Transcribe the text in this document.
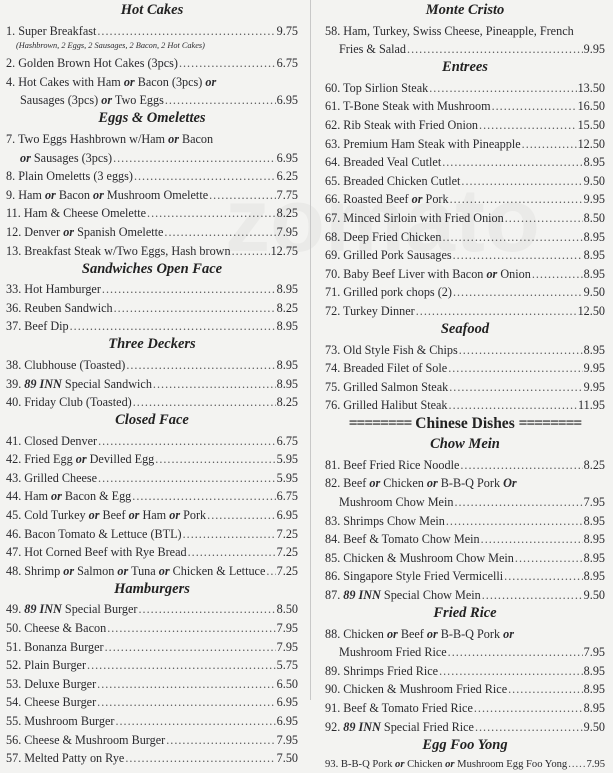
Hot Cakes
1. Super Breakfast .....	9.75
(Hashbrown, 2 Eggs, 2 Sausages, 2 Bacon, 2 Hot Cakes)
2. Golden Brown Hot Cakes (3pcs) .....	6.75
4. Hot Cakes with Ham or Bacon (3pcs) or
Sausages (3pcs) or Two Eggs .....	6.95
Eggs & Omelettes
7. Two Eggs Hashbrown w/Ham or Bacon
or Sausages (3pcs) .....	6.95
8. Plain Omeletts (3 eggs) .....	6.25
9. Ham or Bacon or Mushroom Omelette .....	7.75
11. Ham & Cheese Omelette .....	8.25
12. Denver or Spanish Omelette .....	7.95
13. Breakfast Steak w/Two Eggs, Hash brown .....	12.75
Sandwiches Open Face
33. Hot Hamburger .....	8.95
36. Reuben Sandwich .....	8.25
37. Beef Dip .....	8.95
Three Deckers
38. Clubhouse (Toasted) .....	8.95
39. 89 INN Special Sandwich .....	8.95
40. Friday Club (Toasted) .....	8.25
Closed Face
41. Closed Denver .....	6.75
42. Fried Egg or Devilled Egg .....	5.95
43. Grilled Cheese .....	5.95
44. Ham or Bacon & Egg .....	6.75
45. Cold Turkey or Beef or Ham or Pork .....	6.95
46. Bacon Tomato & Lettuce (BTL) .....	7.25
47. Hot Corned Beef with Rye Bread .....	7.25
48. Shrimp or Salmon or Tuna or Chicken & Lettuce ..... 7.25
Hamburgers
49. 89 INN Special Burger .....	8.50
50. Cheese & Bacon .....	7.95
51. Bonanza Burger .....	7.95
52. Plain Burger .....	5.75
53. Deluxe Burger .....	6.50
54. Cheese Burger .....	6.95
55. Mushroom Burger .....	6.95
56. Cheese & Mushroom Burger .....	7.95
57. Melted Patty on Rye .....	7.50
Monte Cristo
58. Ham, Turkey, Swiss Cheese, Pineapple, French
Fries & Salad .....	9.95
Entrees
60. Top Sirlion Steak .....	13.50
61. T-Bone Steak with Mushroom .....	16.50
62. Rib Steak with Fried Onion .....	15.50
63. Premium Ham Steak with Pineapple .....	12.50
64. Breaded Veal Cutlet .....	8.95
65. Breaded Chicken Cutlet .....	9.50
66. Roasted Beef or Pork .....	9.95
67. Minced Sirloin with Fried Onion .....	8.50
68. Deep Fried Chicken .....	8.95
69. Grilled Pork Sausages .....	8.95
70. Baby Beef Liver with Bacon or Onion .....	8.95
71. Grilled pork chops (2) .....	9.50
72. Turkey Dinner .....	12.50
Seafood
73. Old Style Fish & Chips .....	8.95
74. Breaded Filet of Sole .....	9.95
75. Grilled Salmon Steak .....	9.95
76. Grilled Halibut Steak .....	11.95
======== Chinese Dishes ========
Chow Mein
81. Beef Fried Rice Noodle .....	8.25
82. Beef or Chicken or B-B-Q Pork Or
Mushroom Chow Mein .....	7.95
83. Shrimps Chow Mein .....	8.95
84. Beef & Tomato Chow Mein .....	8.95
85. Chicken & Mushroom Chow Mein .....	8.95
86. Singapore Style Fried Vermicelli .....	8.95
87. 89 INN Special Chow Mein .....	9.50
Fried Rice
88. Chicken or Beef or B-B-Q Pork or
Mushroom Fried Rice .....	7.95
89. Shrimps Fried Rice .....	8.95
90. Chicken & Mushroom Fried Rice .....	8.95
91. Beef & Tomato Fried Rice .....	8.95
92. 89 INN Special Fried Rice .....	9.50
Egg Foo Yong
93. B-B-Q Pork or Chicken or Mushroom Egg Foo Yong ..... 7.95
